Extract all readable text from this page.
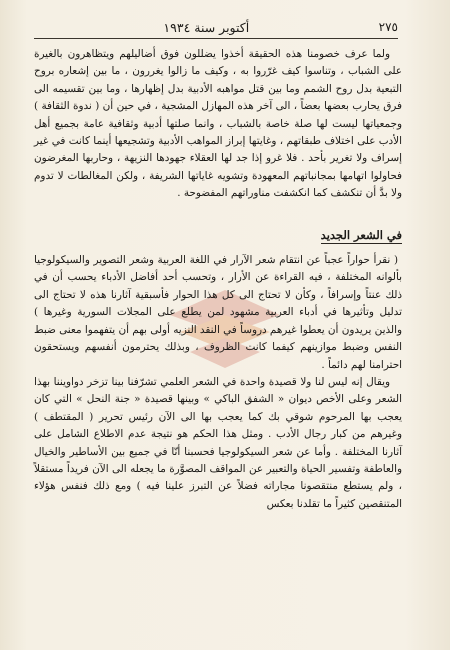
٢٧٥
أكتوبر سنة ١٩٣٤

ولما عرف خصومنا هذه الحقيقة أخذوا يضللون فوق أضاليلهم ويتظاهرون بالغيرة على الشباب ، وتناسوا كيف غرّروا به ، وكيف ما زالوا يغررون ، ما بين إشعاره بروح التبعية بدل روح الشمم وما بين قتل مواهبه الأدبية بدل إظهارها ، وما بين تقسيمه الى فرق يحارب بعضها بعضاً ، الى آخر هذه المهازل المشجية ، في حين أن ( ندوة الثقافة ) وجمعياتها ليست لها صلة خاصة بالشباب ، وانما صلتها أدبية وثقافية عامة بجميع أهل الأدب على اختلاف طبقاتهم ، وغايتها إبراز المواهب الأدبية وتشجيعها أينما كانت في غير إسراف ولا تغرير بأحد . فلا غرو إذا جد لها العقلاء جهودها النزيهة ، وحاربها المغرضون فحاولوا اتهامها بمجانباتهم المعهودة وتشويه غاياتها الشريفة ، ولكن المغالطات لا تدوم ولا بدَّ أن تنكشف كما انكشفت مناوراتهم المفضوحة .

في الشعر الجديد

( نقرأ حواراً عجباً عن انتقام شعر الآرار في اللغة العربية وشعر التصوير والسيكولوجيا بألوانه المختلفة ، فيه القراءة عن الأرار ، وتحسب أحد أفاضل الأدباء يحسب أن في ذلك عنتاً وإسرافاً ، وكأن لا تحتاج الى كل هذا الحوار فأسبقية آثارنا هذه لا تحتاج الى تدليل وتأثيرها في أدباء العربية مشهود لمن يطلع على المجلات السورية وغيرها ) والذين يريدون أن يعطوا غيرهم دروساً في النقد النزيه أولى بهم أن يتفهموا معنى ضبط النفس وضبط موازينهم كيفما كانت الظروف ، وبذلك يحترمون أنفسهم ويستحقون احترامنا لهم دائماً .

ويقال إنه ليس لنا ولا قصيدة واحدة في الشعر العلمي تشرّفنا بينا تزخر دواويننا بهذا الشعر وعلى الأخص ديوان « الشفق الباكي » وبينها قصيدة « جنة النحل » التي كان يعجب بها المرحوم شوقي بك كما يعجب بها الى الآن رئيس تحرير ( المقتطف ) وغيرهم من كبار رجال الأدب . ومثل هذا الحكم هو نتيجة عدم الاطلاع الشامل على آثارنا المختلفة . وأما عن شعر السيكولوجيا فحسبنا أنّا في جميع بين الأساطير والخيال والعاطفة وتفسير الحياة والتعبير عن المواقف المصوَّرة ما يجعله الى الآن فريداً مستقلاً ، ولم يستطع منتقصونا مجاراته فضلاً عن التبرز علينا فيه ) ومع ذلك فنفس هؤلاء المتنقصين كثيراً ما تقلدنا بعكس
